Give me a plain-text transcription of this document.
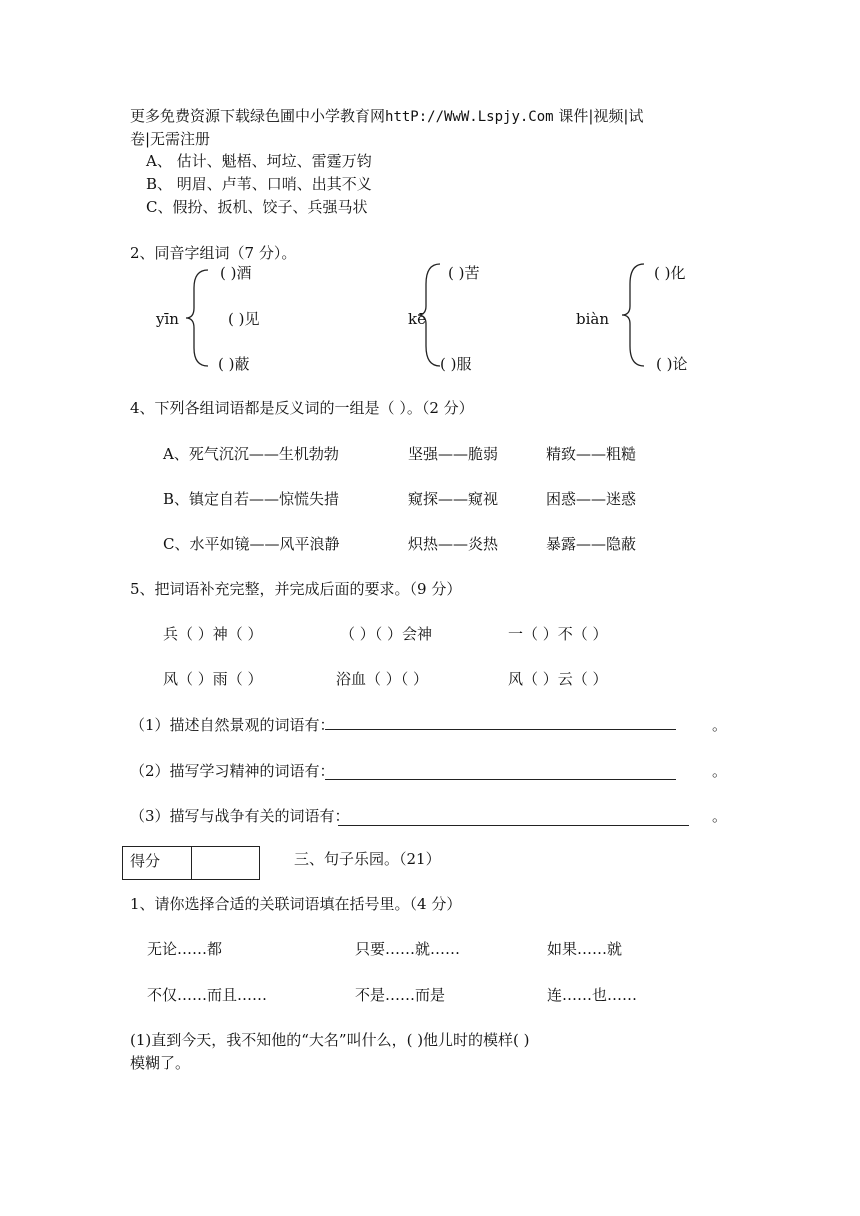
更多免费资源下载绿色圃中小学教育网httP://WwW.Lspjy.Com 课件|视频|试
卷|无需注册
A、 估计、魁梧、坷垃、雷霆万钧
B、 明眉、卢苇、口哨、出其不义
C、假扮、扳机、饺子、兵强马状
2、同音字组词（7 分）。
yīn
( )酒
( )见
( )蔽
kē
( )苦
( )服
biàn
( )化
( )论
4、下列各组词语都是反义词的一组是（ ）。（2 分）
A、死气沉沉——生机勃勃	坚强——脆弱	精致——粗糙
B、镇定自若——惊慌失措	窥探——窥视	困惑——迷惑
C、水平如镜——风平浪静	炽热——炎热	暴露——隐蔽
5、把词语补充完整，并完成后面的要求。（9 分）
兵（ ）神（ ）	（ ）（ ）会神	一（ ）不（ ）
风（ ）雨（ ）	浴血（ ）（ ）	风（ ）云（ ）
（1）描述自然景观的词语有：	。
（2）描写学习精神的词语有：	。
（3）描写与战争有关的词语有：	。
得分	三、句子乐园。（21）
1、请你选择合适的关联词语填在括号里。（4 分）
无论……都	只要……就……	如果……就
不仅……而且……	不是……而是	连……也……
(1)直到今天，我不知他的“大名”叫什么，( )他儿时的模样( )
模糊了。
